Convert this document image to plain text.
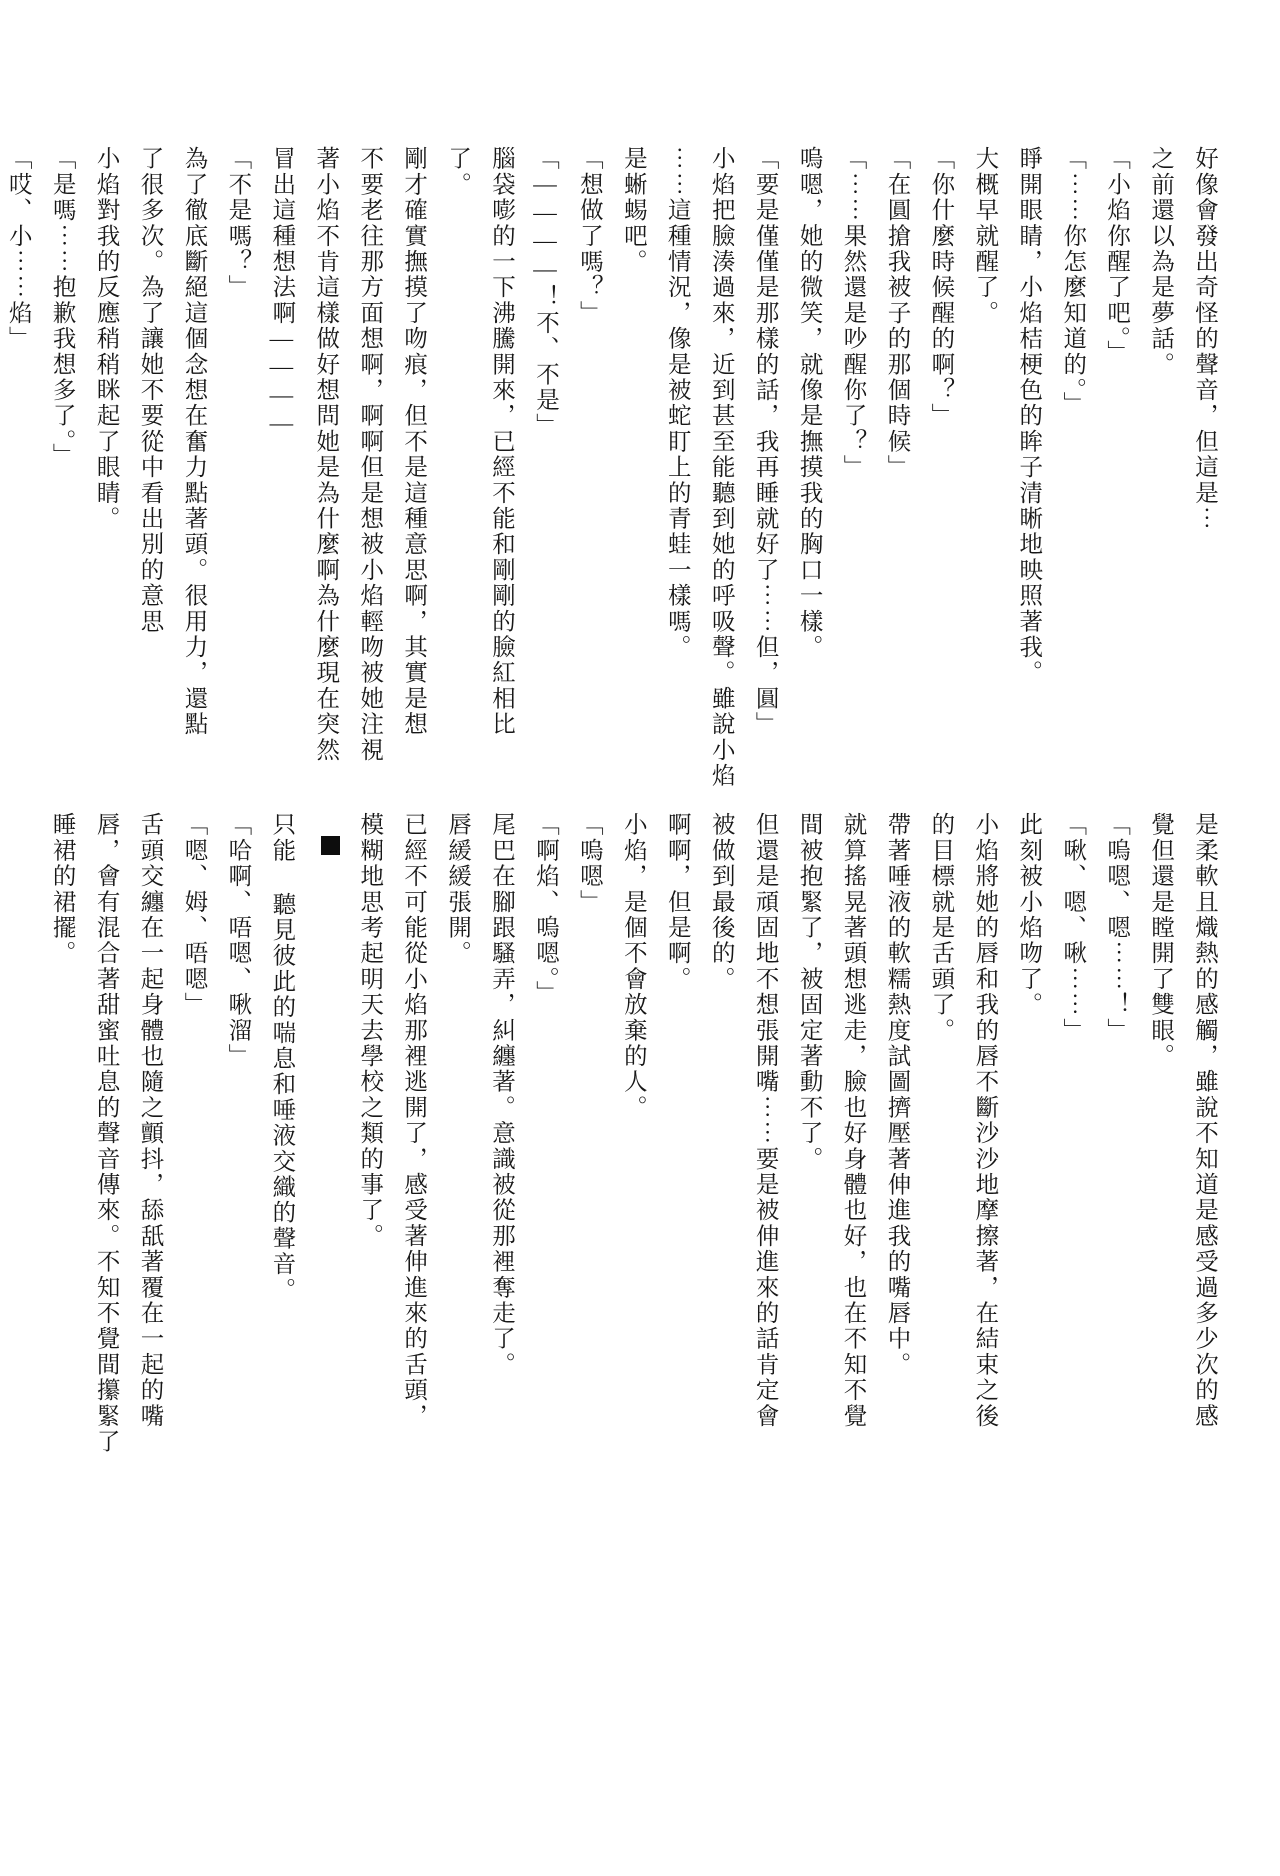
好像會發出奇怪的聲音，但這是⋯

之前還以為是夢話。

「小焰你醒了吧。」

「⋯⋯你怎麼知道的。」

睜開眼睛，小焰桔梗色的眸子清晰地映照著我。

大概早就醒了。

「你什麼時候醒的啊？」

「在圓搶我被子的那個時候」

「⋯⋯果然還是吵醒你了？」

嗚嗯，她的微笑，就像是撫摸我的胸口一樣。

「要是僅僅是那樣的話，我再睡就好了⋯⋯但，圓」

小焰把臉湊過來，近到甚至能聽到她的呼吸聲。雖說小焰

⋯⋯這種情況，像是被蛇盯上的青蛙一樣嗎。

是蜥蜴吧。

「想做了嗎？」

「————！不、不是」

腦袋嘭的一下沸騰開來，已經不能和剛剛的臉紅相比

了。

剛才確實撫摸了吻痕，但不是這種意思啊，其實是想

不要老往那方面想啊，啊啊但是想被小焰輕吻被她注視

著小焰不肯這樣做好想問她是為什麼啊為什麼現在突然

冒出這種想法啊————

「不是嗎？」

為了徹底斷絕這個念想在奮力點著頭。很用力，還點

了很多次。為了讓她不要從中看出別的意思

小焰對我的反應稍稍眯起了眼睛。

「是嗎⋯⋯抱歉我想多了。」

「哎、小⋯⋯焰」

是柔軟且熾熱的感觸，雖說不知道是感受過多少次的感

覺但還是瞠開了雙眼。

「嗚嗯、嗯⋯⋯！」

「啾、嗯、啾⋯⋯」

此刻被小焰吻了。

小焰將她的唇和我的唇不斷沙沙地摩擦著，在結束之後

的目標就是舌頭了。

帶著唾液的軟糯熱度試圖擠壓著伸進我的嘴唇中。

就算搖晃著頭想逃走，臉也好身體也好，也在不知不覺

間被抱緊了，被固定著動不了。

但還是頑固地不想張開嘴⋯⋯要是被伸進來的話肯定會

被做到最後的。

啊啊，但是啊。

小焰，是個不會放棄的人。

「嗚嗯」

「啊焰、嗚嗯。」

尾巴在腳跟騷弄，糾纏著。意識被從那裡奪走了。

唇緩緩張開。

已經不可能從小焰那裡逃開了，感受著伸進來的舌頭，

模糊地思考起明天去學校之類的事了。

只能 聽見彼此的喘息和唾液交織的聲音。

「哈啊、唔嗯、啾溜」

「嗯、姆、唔嗯」

舌頭交纏在一起身體也隨之顫抖，舔舐著覆在一起的嘴

唇，會有混合著甜蜜吐息的聲音傳來。不知不覺間攥緊了

睡裙的裙擺。
